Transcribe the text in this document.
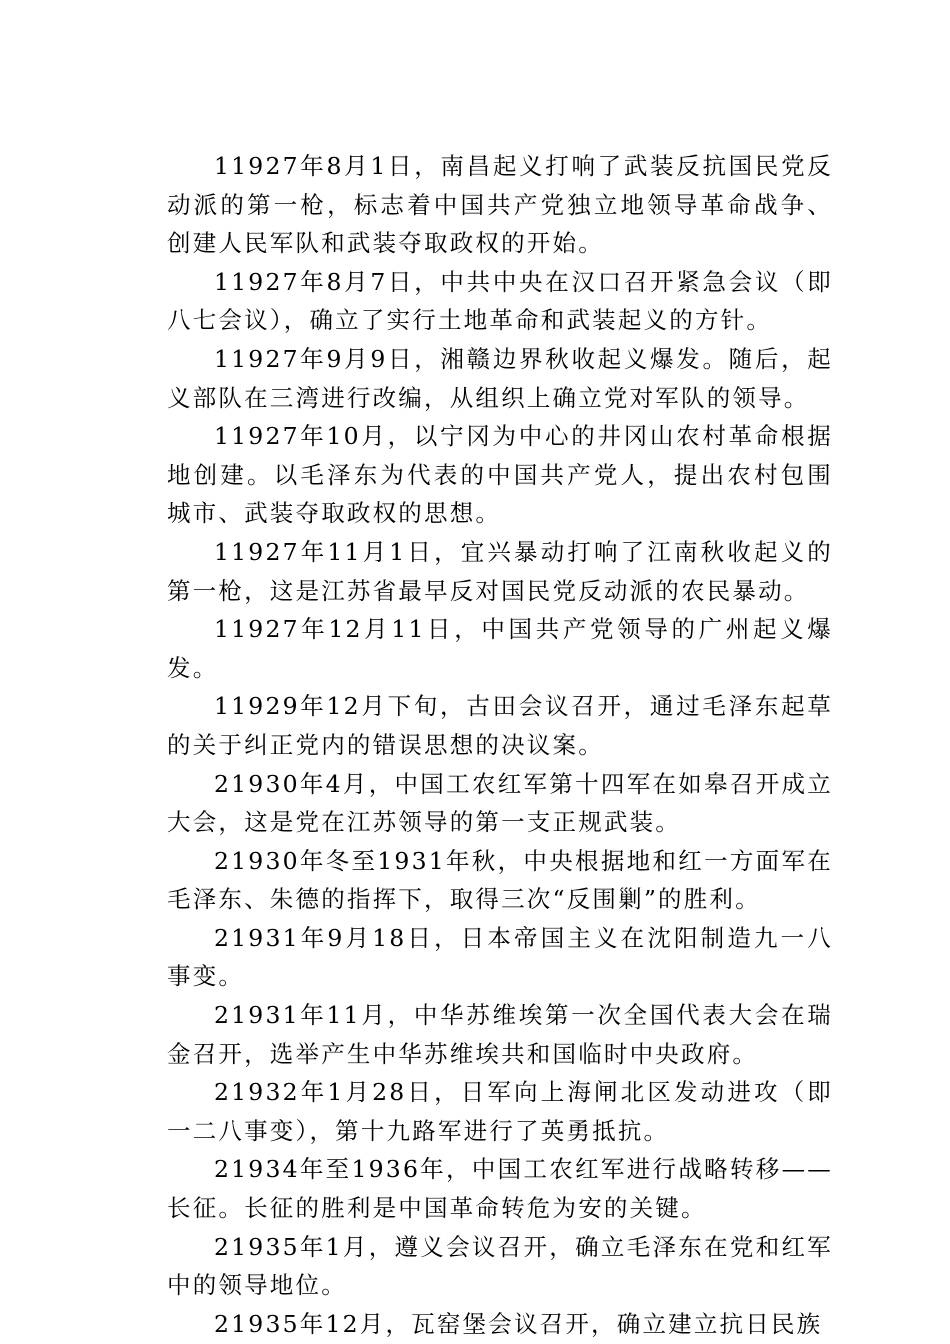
11927年8月1日，南昌起义打响了武装反抗国民党反动派的第一枪，标志着中国共产党独立地领导革命战争、创建人民军队和武装夺取政权的开始。

11927年8月7日，中共中央在汉口召开紧急会议（即八七会议），确立了实行土地革命和武装起义的方针。

11927年9月9日，湘赣边界秋收起义爆发。随后，起义部队在三湾进行改编，从组织上确立党对军队的领导。

11927年10月，以宁冈为中心的井冈山农村革命根据地创建。以毛泽东为代表的中国共产党人，提出农村包围城市、武装夺取政权的思想。

11927年11月1日，宜兴暴动打响了江南秋收起义的第一枪，这是江苏省最早反对国民党反动派的农民暴动。

11927年12月11日，中国共产党领导的广州起义爆发。

11929年12月下旬，古田会议召开，通过毛泽东起草的关于纠正党内的错误思想的决议案。

21930年4月，中国工农红军第十四军在如皋召开成立大会，这是党在江苏领导的第一支正规武装。

21930年冬至1931年秋，中央根据地和红一方面军在毛泽东、朱德的指挥下，取得三次“反围剿”的胜利。

21931年9月18日，日本帝国主义在沈阳制造九一八事变。

21931年11月，中华苏维埃第一次全国代表大会在瑞金召开，选举产生中华苏维埃共和国临时中央政府。

21932年1月28日，日军向上海闸北区发动进攻（即一二八事变），第十九路军进行了英勇抵抗。

21934年至1936年，中国工农红军进行战略转移——长征。长征的胜利是中国革命转危为安的关键。

21935年1月，遵义会议召开，确立毛泽东在党和红军中的领导地位。

21935年12月，瓦窑堡会议召开，确立建立抗日民族
